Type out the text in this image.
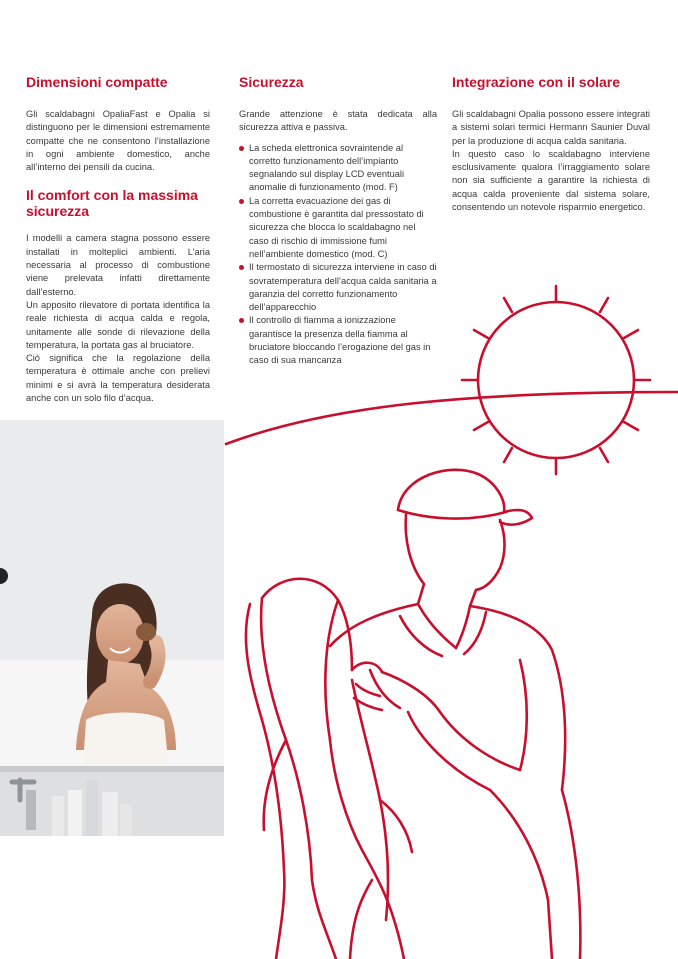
Dimensioni compatte

Gli scaldabagni OpaliaFast e Opalia si distinguono per le dimensioni estremamente compatte che ne consentono l’installazione in ogni ambiente domestico, anche all’interno dei pensili da cucina.

Il comfort con la massima sicurezza

I modelli a camera stagna possono essere installati in molteplici ambienti. L’aria necessaria al processo di combustione viene prelevata infatti direttamente dall’esterno.

Un apposito rilevatore di portata identifica la reale richiesta di acqua calda e regola, unitamente alle sonde di rilevazione della temperatura, la portata gas al bruciatore.

Ciò significa che la regolazione della temperatura è ottimale anche con prelievi minimi e si avrà la temperatura desiderata anche con un solo filo d’acqua.

Sicurezza

Grande attenzione è stata dedicata alla sicurezza attiva e passiva.

La scheda elettronica sovraintende al corretto funzionamento dell’impianto segnalando sul display LCD eventuali anomalie di funzionamento (mod. F)
La corretta evacuazione dei gas di combustione è garantita dal pressostato di sicurezza che blocca lo scaldabagno nel caso di rischio di immissione fumi nell’ambiente domestico (mod. C)
Il termostato di sicurezza interviene in caso di sovratemperatura dell’acqua calda sanitaria a garanzia del corretto funzionamento dell’apparecchio
Il controllo di fiamma a ionizzazione garantisce la presenza della fiamma al bruciatore bloccando l’erogazione del gas in caso di sua mancanza
Integrazione con il solare

Gli scaldabagni Opalia possono essere integrati a sistemi solari termici Hermann Saunier Duval per la produzione di acqua calda sanitaria.

In questo caso lo scaldabagno interviene esclusivamente qualora l’irraggiamento solare non sia sufficiente a garantire la richiesta di acqua calda proveniente dal sistema solare, consentendo un notevole risparmio energetico.
